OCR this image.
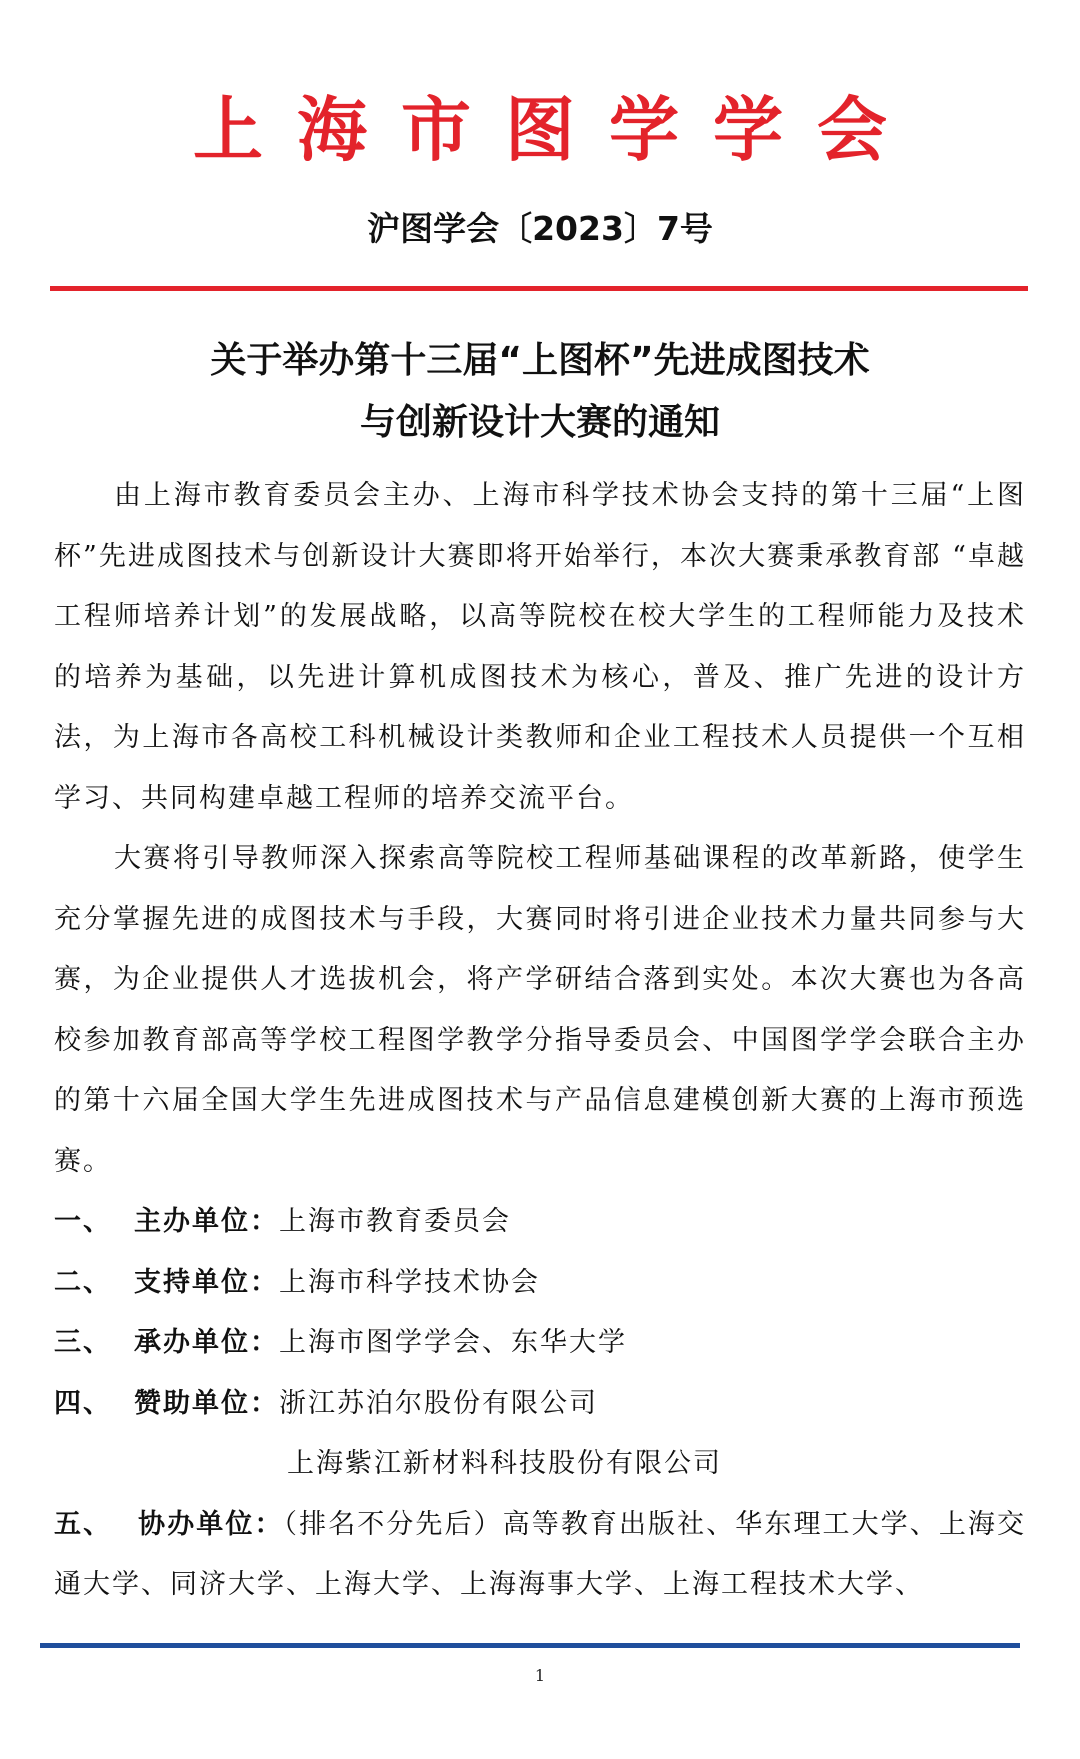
上海市图学学会
沪图学会〔2023〕7号
关于举办第十三届“上图杯”先进成图技术
与创新设计大赛的通知

由上海市教育委员会主办、上海市科学技术协会支持的第十三届“上图杯”先进成图技术与创新设计大赛即将开始举行，本次大赛秉承教育部 “卓越工程师培养计划”的发展战略，以高等院校在校大学生的工程师能力及技术的培养为基础，以先进计算机成图技术为核心，普及、推广先进的设计方法，为上海市各高校工科机械设计类教师和企业工程技术人员提供一个互相学习、共同构建卓越工程师的培养交流平台。

大赛将引导教师深入探索高等院校工程师基础课程的改革新路，使学生充分掌握先进的成图技术与手段，大赛同时将引进企业技术力量共同参与大赛，为企业提供人才选拔机会，将产学研结合落到实处。本次大赛也为各高校参加教育部高等学校工程图学教学分指导委员会、中国图学学会联合主办的第十六届全国大学生先进成图技术与产品信息建模创新大赛的上海市预选赛。

一、 主办单位： 上海市教育委员会
二、 支持单位： 上海市科学技术协会
三、 承办单位： 上海市图学学会、东华大学
四、 赞助单位： 浙江苏泊尔股份有限公司
上海紫江新材料科技股份有限公司
五、 协办单位：（排名不分先后）高等教育出版社、华东理工大学、上海交通大学、同济大学、上海大学、上海海事大学、上海工程技术大学、
1
